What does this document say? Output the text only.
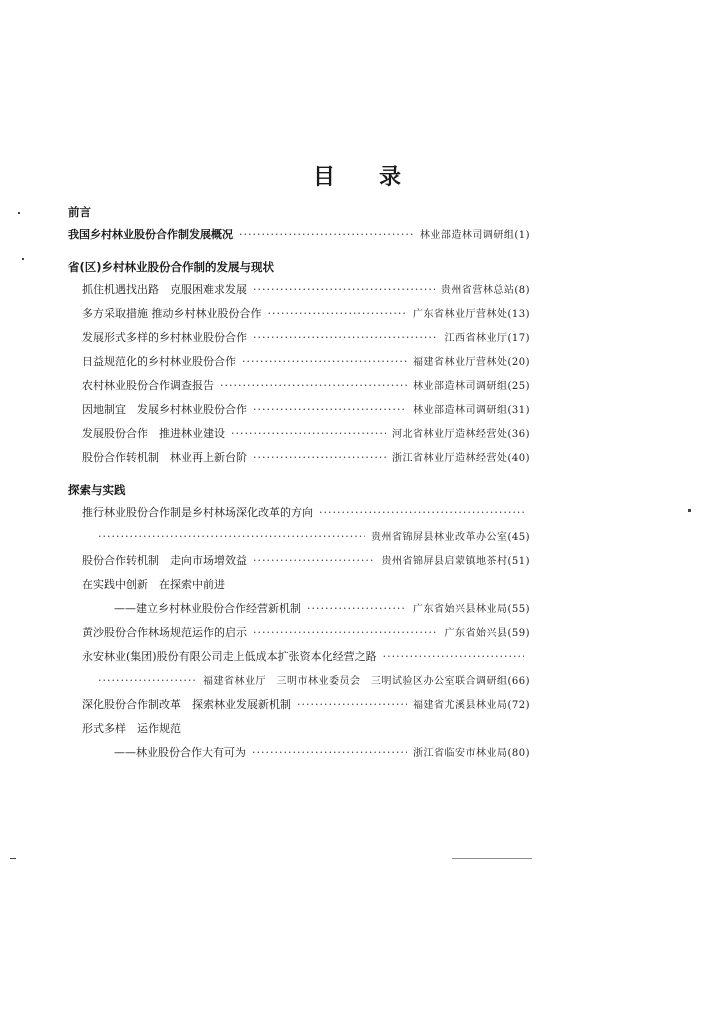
目 录
前言
我国乡村林业股份合作制发展概况 ·····	林业部造林司调研组(1)
省(区)乡村林业股份合作制的发展与现状
抓住机遇找出路　克服困难求发展 ·····	贵州省营林总站(8)
多方采取措施 推动乡村林业股份合作 ·····	广东省林业厅营林处(13)
发展形式多样的乡村林业股份合作 ·····	江西省林业厅(17)
日益规范化的乡村林业股份合作 ·····	福建省林业厅营林处(20)
农村林业股份合作调查报告 ·····	林业部造林司调研组(25)
因地制宜　发展乡村林业股份合作 ·····	林业部造林司调研组(31)
发展股份合作　推进林业建设 ·····	河北省林业厅造林经营处(36)
股份合作转机制　林业再上新台阶 ·····	浙江省林业厅造林经营处(40)
探索与实践
推行林业股份合作制是乡村林场深化改革的方向
·····
·····
贵州省锦屏县林业改革办公室(45)
股份合作转机制　走向市场增效益 ·····	贵州省锦屏县启蒙镇地茶村(51)
在实践中创新　在探索中前进
——建立乡村林业股份合作经营新机制 ·····	广东省始兴县林业局(55)
黄沙股份合作林场规范运作的启示 ·····	广东省始兴县(59)
永安林业(集团)股份有限公司走上低成本扩张资本化经营之路
·····
·····
福建省林业厅　三明市林业委员会　三明试验区办公室联合调研组(66)
深化股份合作制改革　探索林业发展新机制 ·····	福建省尤溪县林业局(72)
形式多样　运作规范
——林业股份合作大有可为 ·····	浙江省临安市林业局(80)
